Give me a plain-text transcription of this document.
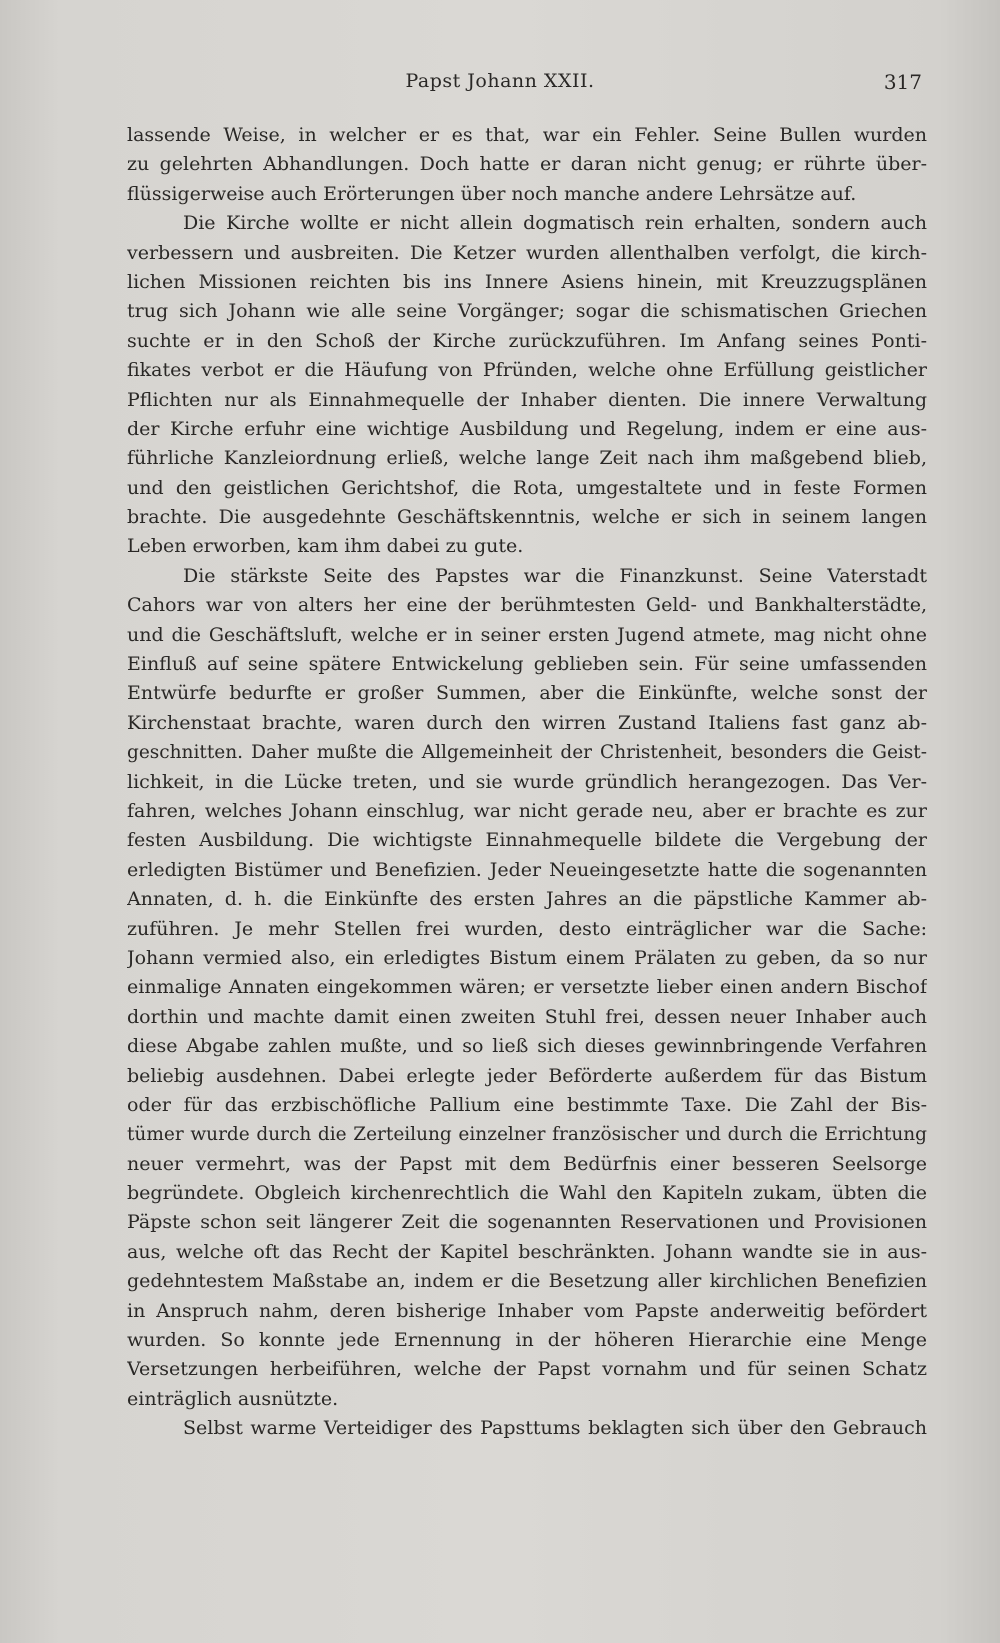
Papst Johann XXII.	317
lassende Weise, in welcher er es that, war ein Fehler. Seine Bullen wurden
zu gelehrten Abhandlungen. Doch hatte er daran nicht genug; er rührte über-
flüssigerweise auch Erörterungen über noch manche andere Lehrsätze auf.
Die Kirche wollte er nicht allein dogmatisch rein erhalten, sondern auch
verbessern und ausbreiten. Die Ketzer wurden allenthalben verfolgt, die kirch-
lichen Missionen reichten bis ins Innere Asiens hinein, mit Kreuzzugsplänen
trug sich Johann wie alle seine Vorgänger; sogar die schismatischen Griechen
suchte er in den Schoß der Kirche zurückzuführen. Im Anfang seines Ponti-
fikates verbot er die Häufung von Pfründen, welche ohne Erfüllung geistlicher
Pflichten nur als Einnahmequelle der Inhaber dienten. Die innere Verwaltung
der Kirche erfuhr eine wichtige Ausbildung und Regelung, indem er eine aus-
führliche Kanzleiordnung erließ, welche lange Zeit nach ihm maßgebend blieb,
und den geistlichen Gerichtshof, die Rota, umgestaltete und in feste Formen
brachte. Die ausgedehnte Geschäftskenntnis, welche er sich in seinem langen
Leben erworben, kam ihm dabei zu gute.
Die stärkste Seite des Papstes war die Finanzkunst. Seine Vaterstadt
Cahors war von alters her eine der berühmtesten Geld- und Bankhalterstädte,
und die Geschäftsluft, welche er in seiner ersten Jugend atmete, mag nicht ohne
Einfluß auf seine spätere Entwickelung geblieben sein. Für seine umfassenden
Entwürfe bedurfte er großer Summen, aber die Einkünfte, welche sonst der
Kirchenstaat brachte, waren durch den wirren Zustand Italiens fast ganz ab-
geschnitten. Daher mußte die Allgemeinheit der Christenheit, besonders die Geist-
lichkeit, in die Lücke treten, und sie wurde gründlich herangezogen. Das Ver-
fahren, welches Johann einschlug, war nicht gerade neu, aber er brachte es zur
festen Ausbildung. Die wichtigste Einnahmequelle bildete die Vergebung der
erledigten Bistümer und Benefizien. Jeder Neueingesetzte hatte die sogenannten
Annaten, d. h. die Einkünfte des ersten Jahres an die päpstliche Kammer ab-
zuführen. Je mehr Stellen frei wurden, desto einträglicher war die Sache:
Johann vermied also, ein erledigtes Bistum einem Prälaten zu geben, da so nur
einmalige Annaten eingekommen wären; er versetzte lieber einen andern Bischof
dorthin und machte damit einen zweiten Stuhl frei, dessen neuer Inhaber auch
diese Abgabe zahlen mußte, und so ließ sich dieses gewinnbringende Verfahren
beliebig ausdehnen. Dabei erlegte jeder Beförderte außerdem für das Bistum
oder für das erzbischöfliche Pallium eine bestimmte Taxe. Die Zahl der Bis-
tümer wurde durch die Zerteilung einzelner französischer und durch die Errichtung
neuer vermehrt, was der Papst mit dem Bedürfnis einer besseren Seelsorge
begründete. Obgleich kirchenrechtlich die Wahl den Kapiteln zukam, übten die
Päpste schon seit längerer Zeit die sogenannten Reservationen und Provisionen
aus, welche oft das Recht der Kapitel beschränkten. Johann wandte sie in aus-
gedehntestem Maßstabe an, indem er die Besetzung aller kirchlichen Benefizien
in Anspruch nahm, deren bisherige Inhaber vom Papste anderweitig befördert
wurden. So konnte jede Ernennung in der höheren Hierarchie eine Menge
Versetzungen herbeiführen, welche der Papst vornahm und für seinen Schatz
einträglich ausnützte.
Selbst warme Verteidiger des Papsttums beklagten sich über den Gebrauch
